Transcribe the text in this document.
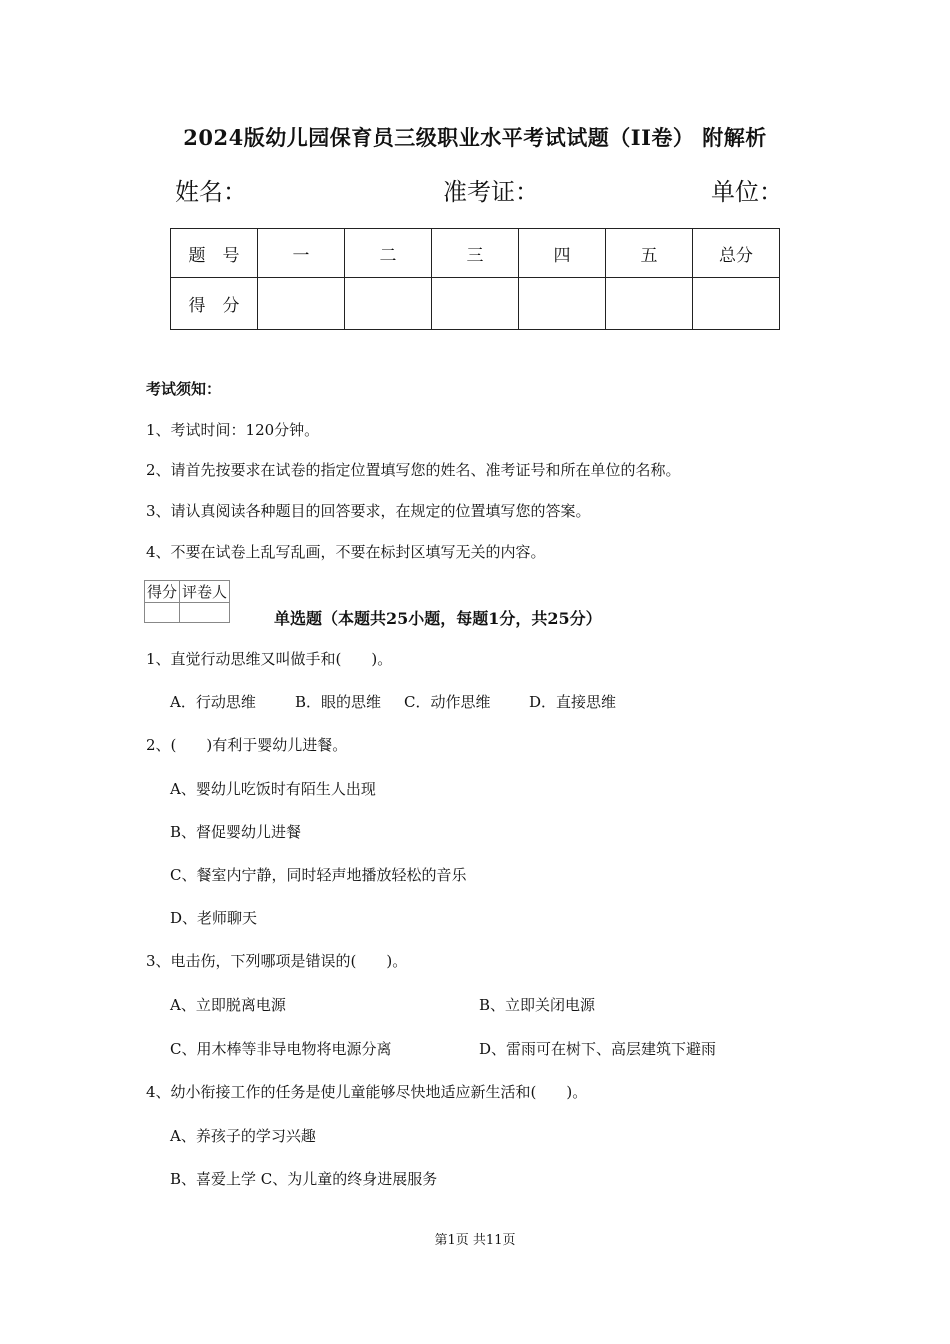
2024版幼儿园保育员三级职业水平考试试题（II卷） 附解析
姓名：	准考证：	单位：
题　号	一	二	三	四	五	总分
得　分						
考试须知：
1、考试时间：120分钟。
2、请首先按要求在试卷的指定位置填写您的姓名、准考证号和所在单位的名称。
3、请认真阅读各种题目的回答要求，在规定的位置填写您的答案。
4、不要在试卷上乱写乱画，不要在标封区填写无关的内容。
得分	评卷人

单选题（本题共25小题，每题1分，共25分）
1、直觉行动思维又叫做手和(　　)。
A．行动思维	B．眼的思维 C．动作思维	D．直接思维
2、(　　)有利于婴幼儿进餐。
A、婴幼儿吃饭时有陌生人出现
B、督促婴幼儿进餐
C、餐室内宁静，同时轻声地播放轻松的音乐
D、老师聊天
3、电击伤，下列哪项是错误的(　　)。
A、立即脱离电源	B、立即关闭电源
C、用木棒等非导电物将电源分离	D、雷雨可在树下、高层建筑下避雨
4、幼小衔接工作的任务是使儿童能够尽快地适应新生活和(　　)。
A、养孩子的学习兴趣
B、喜爱上学 C、为儿童的终身进展服务
第1页 共11页
